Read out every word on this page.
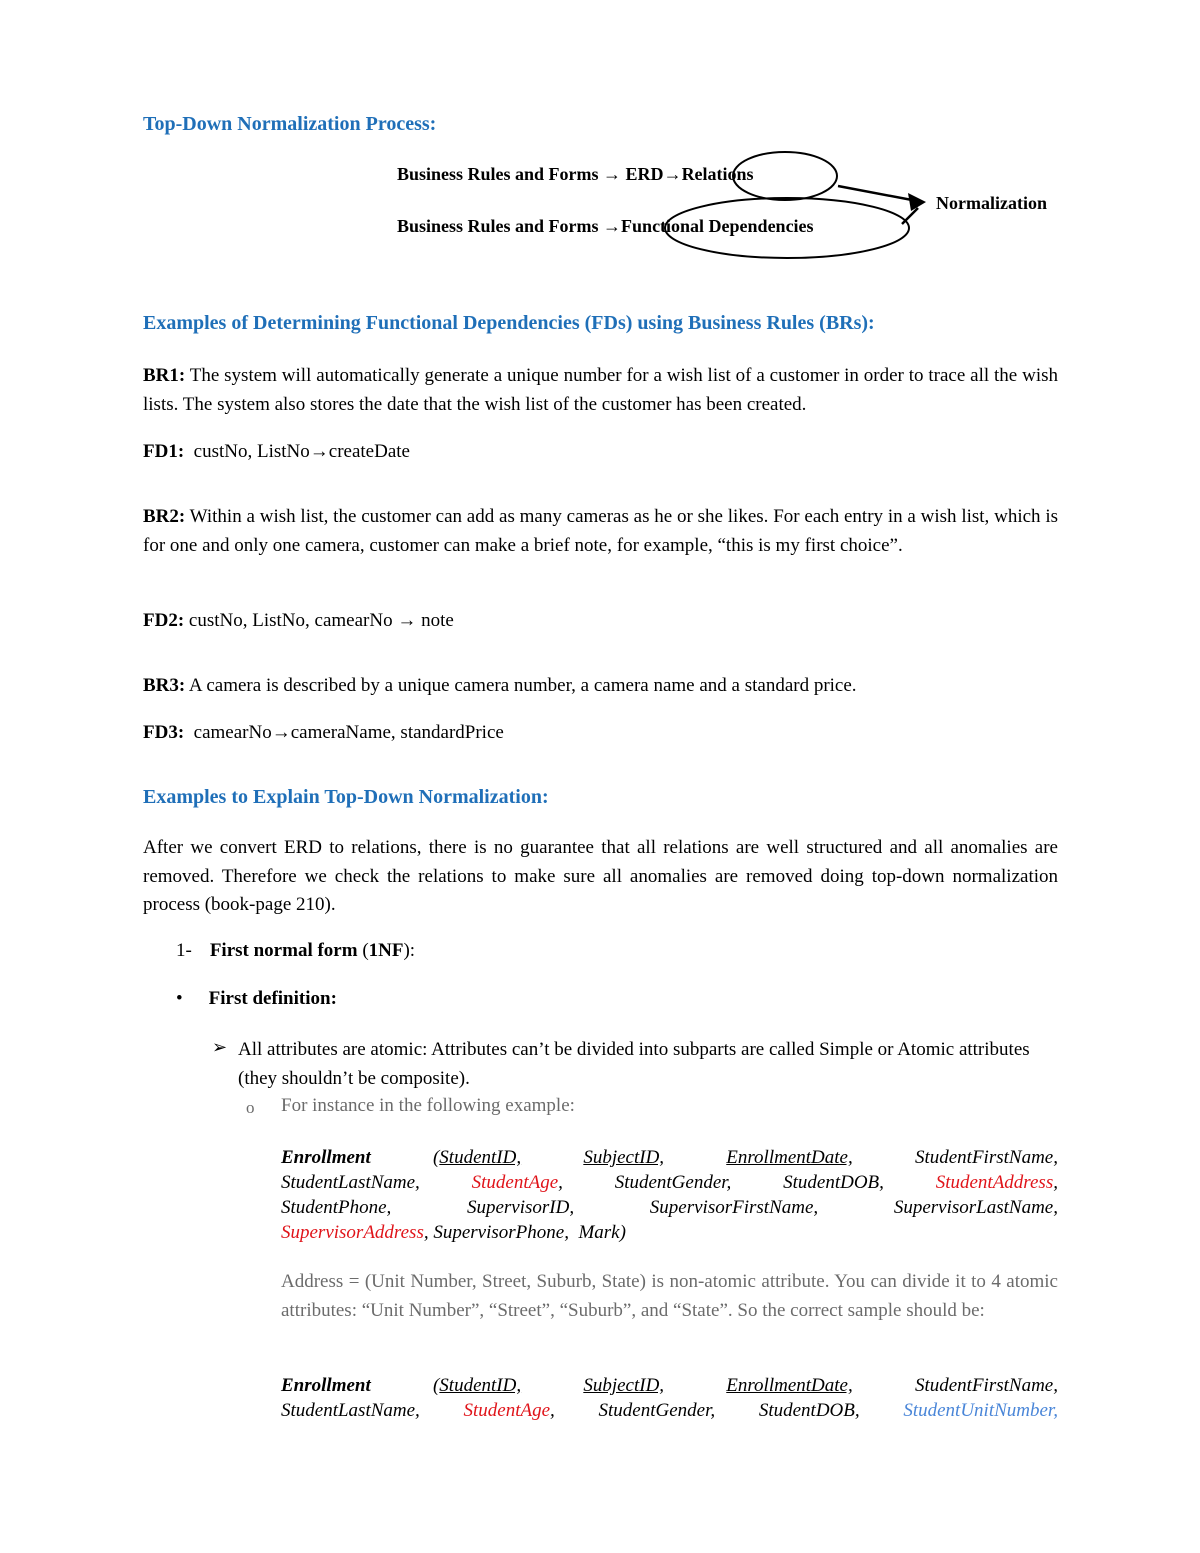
Top-Down Normalization Process:
Business Rules and Forms → ERD→Relations
Business Rules and Forms →Functional Dependencies
Normalization
Examples of Determining Functional Dependencies (FDs) using Business Rules (BRs):
BR1: The system will automatically generate a unique number for a wish list of a customer in order to trace all the wish lists. The system also stores the date that the wish list of the customer has been created.
FD1:  custNo, ListNo→createDate
BR2: Within a wish list, the customer can add as many cameras as he or she likes. For each entry in a wish list, which is for one and only one camera, customer can make a brief note, for example, “this is my first choice”.
FD2: custNo, ListNo, camearNo → note
BR3: A camera is described by a unique camera number, a camera name and a standard price.
FD3:  camearNo→cameraName, standardPrice
Examples to Explain Top-Down Normalization:
After we convert ERD to relations, there is no guarantee that all relations are well structured and all anomalies are removed. Therefore we check the relations to make sure all anomalies are removed doing top-down normalization process (book-page 210).
1- First normal form (1NF):
• First definition:
➢ All attributes are atomic: Attributes can’t be divided into subparts are called Simple or Atomic attributes (they shouldn’t be composite).
o For instance in the following example:
Enrollment	(StudentID,	SubjectID,	EnrollmentDate,	StudentFirstName,
StudentLastName,	StudentAge,	StudentGender,	StudentDOB,	StudentAddress,
StudentPhone,	SupervisorID,	SupervisorFirstName,	SupervisorLastName,
SupervisorAddress, SupervisorPhone,  Mark)
Address = (Unit Number, Street, Suburb, State) is non-atomic attribute. You can divide it to 4 atomic attributes: “Unit Number”, “Street”, “Suburb”, and “State”. So the correct sample should be:
Enrollment	(StudentID,	SubjectID,	EnrollmentDate,	StudentFirstName,
StudentLastName, StudentAge, StudentGender, StudentDOB, StudentUnitNumber,
